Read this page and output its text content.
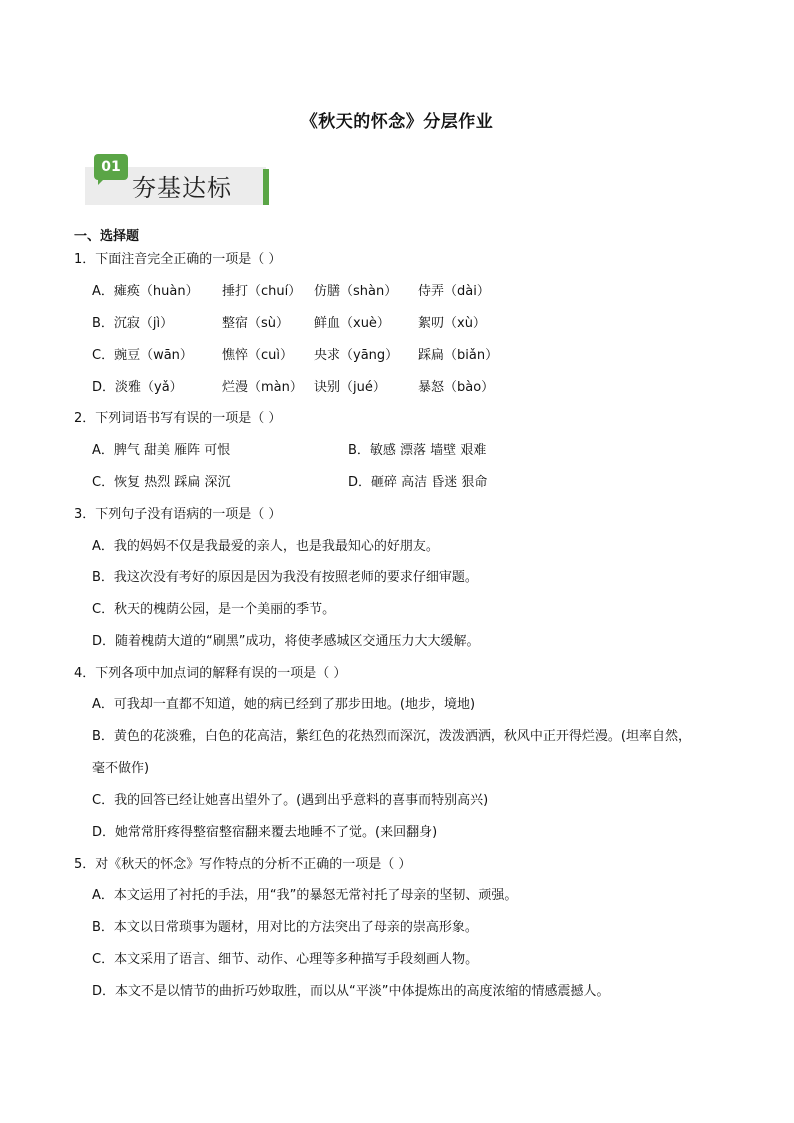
《秋天的怀念》分层作业
01
夯基达标
一、选择题
1．下面注音完全正确的一项是（ ）
A．瘫痪（huàn） 捶打（chuí） 仿膳（shàn） 侍弄（dài）
B．沉寂（jì）	整宿（sù） 鲜血（xuè） 絮叨（xù）
C．豌豆（wān） 憔悴（cuì） 央求（yāng） 踩扁（biǎn）
D．淡雅（yǎ）	烂漫（màn） 诀别（jué） 暴怒（bào）
2．下列词语书写有误的一项是（ ）
A．脾气 甜美 雁阵 可恨	B．敏感 漂落 墙壁 艰难
C．恢复 热烈 踩扁 深沉	D．砸碎 高洁 昏迷 狠命
3．下列句子没有语病的一项是（ ）
A．我的妈妈不仅是我最爱的亲人，也是我最知心的好朋友。
B．我这次没有考好的原因是因为我没有按照老师的要求仔细审题。
C．秋天的槐荫公园，是一个美丽的季节。
D．随着槐荫大道的“刷黑”成功，将使孝感城区交通压力大大缓解。
4．下列各项中加点词的解释有误的一项是（ ）
A．可我却一直都不知道，她的病已经到了那步田地。(地步，境地)
B．黄色的花淡雅，白色的花高洁，紫红色的花热烈而深沉，泼泼洒洒，秋风中正开得烂漫。(坦率自然，
毫不做作)
C．我的回答已经让她喜出望外了。(遇到出乎意料的喜事而特别高兴)
D．她常常肝疼得整宿整宿翻来覆去地睡不了觉。(来回翻身)
5．对《秋天的怀念》写作特点的分析不正确的一项是（ ）
A．本文运用了衬托的手法，用“我”的暴怒无常衬托了母亲的坚韧、顽强。
B．本文以日常琐事为题材，用对比的方法突出了母亲的崇高形象。
C．本文采用了语言、细节、动作、心理等多种描写手段刻画人物。
D．本文不是以情节的曲折巧妙取胜，而以从“平淡”中体提炼出的高度浓缩的情感震撼人。
